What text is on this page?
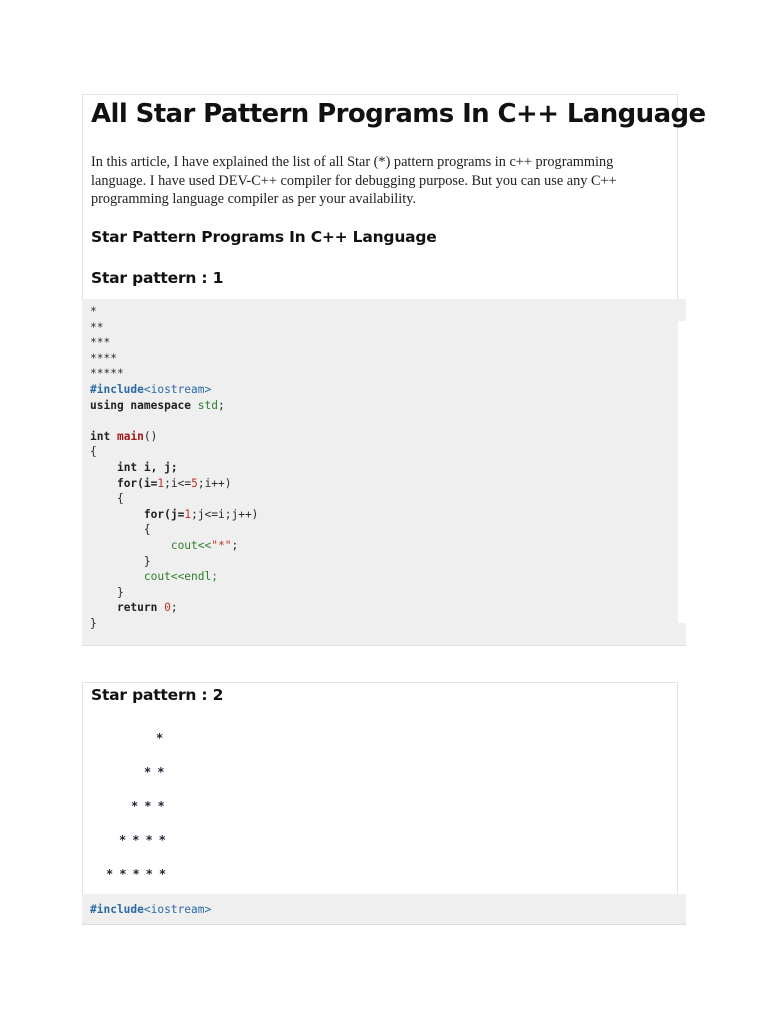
All Star Pattern Programs In C++ Language

In this article, I have explained the list of all Star (*) pattern programs in c++ programming language. I have used DEV-C++ compiler for debugging purpose. But you can use any C++ programming language compiler as per your availability.

Star Pattern Programs In C++ Language
Star pattern : 1
*
**
***
****
*****
#include<iostream>
using namespace std;

int main()
{
int i, j;
for(i=1;i<=5;i++)
{
for(j=1;j<=i;j++)
{
cout<<"*";
}
cout<<endl;
}
return 0;
}
Star pattern : 2
*
**
***
****
*****
#include<iostream>
